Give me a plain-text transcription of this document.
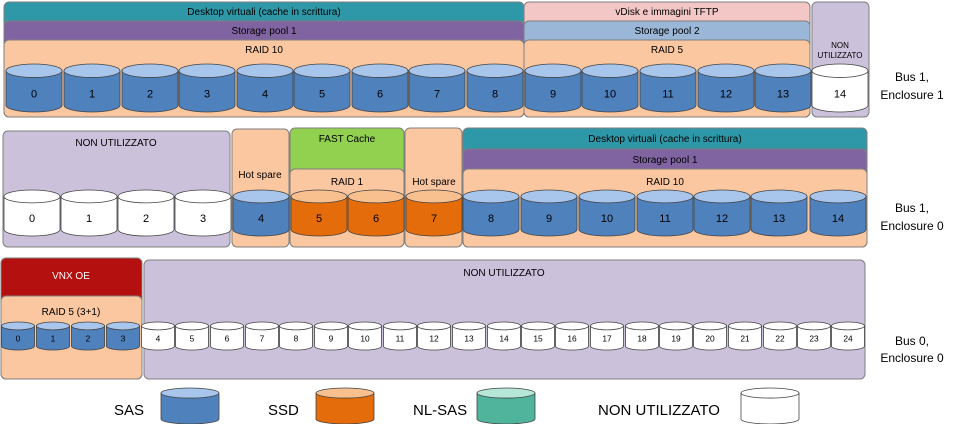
Desktop virtuali (cache in scrittura)	vDisk e immagini TFTP
Storage pool 1	Storage pool 2
RAID 10	RAID 5	NON UTILIZZATO
0	1	2	3	4	5	6	7	8	9	10	11	12	13	14
Bus 1,
Enclosure 1
NON UTILIZZATO
Hot spare
FAST Cache
RAID 1	Hot spare
Desktop virtuali (cache in scrittura)
Storage pool 1
RAID 10
0	1	2	3	4	5	6	7	8	9	10	11	12	13	14
Bus 1,
Enclosure 0
VNX OE
RAID 5 (3+1)
NON UTILIZZATO
0	1	2	3	4	5	6	7	8	9	10	11	12	13	14	15	16	17	18	19	20	21	22	23	24	Bus 0,
Enclosure 0
SAS	SSD	NL-SAS	NON UTILIZZATO
